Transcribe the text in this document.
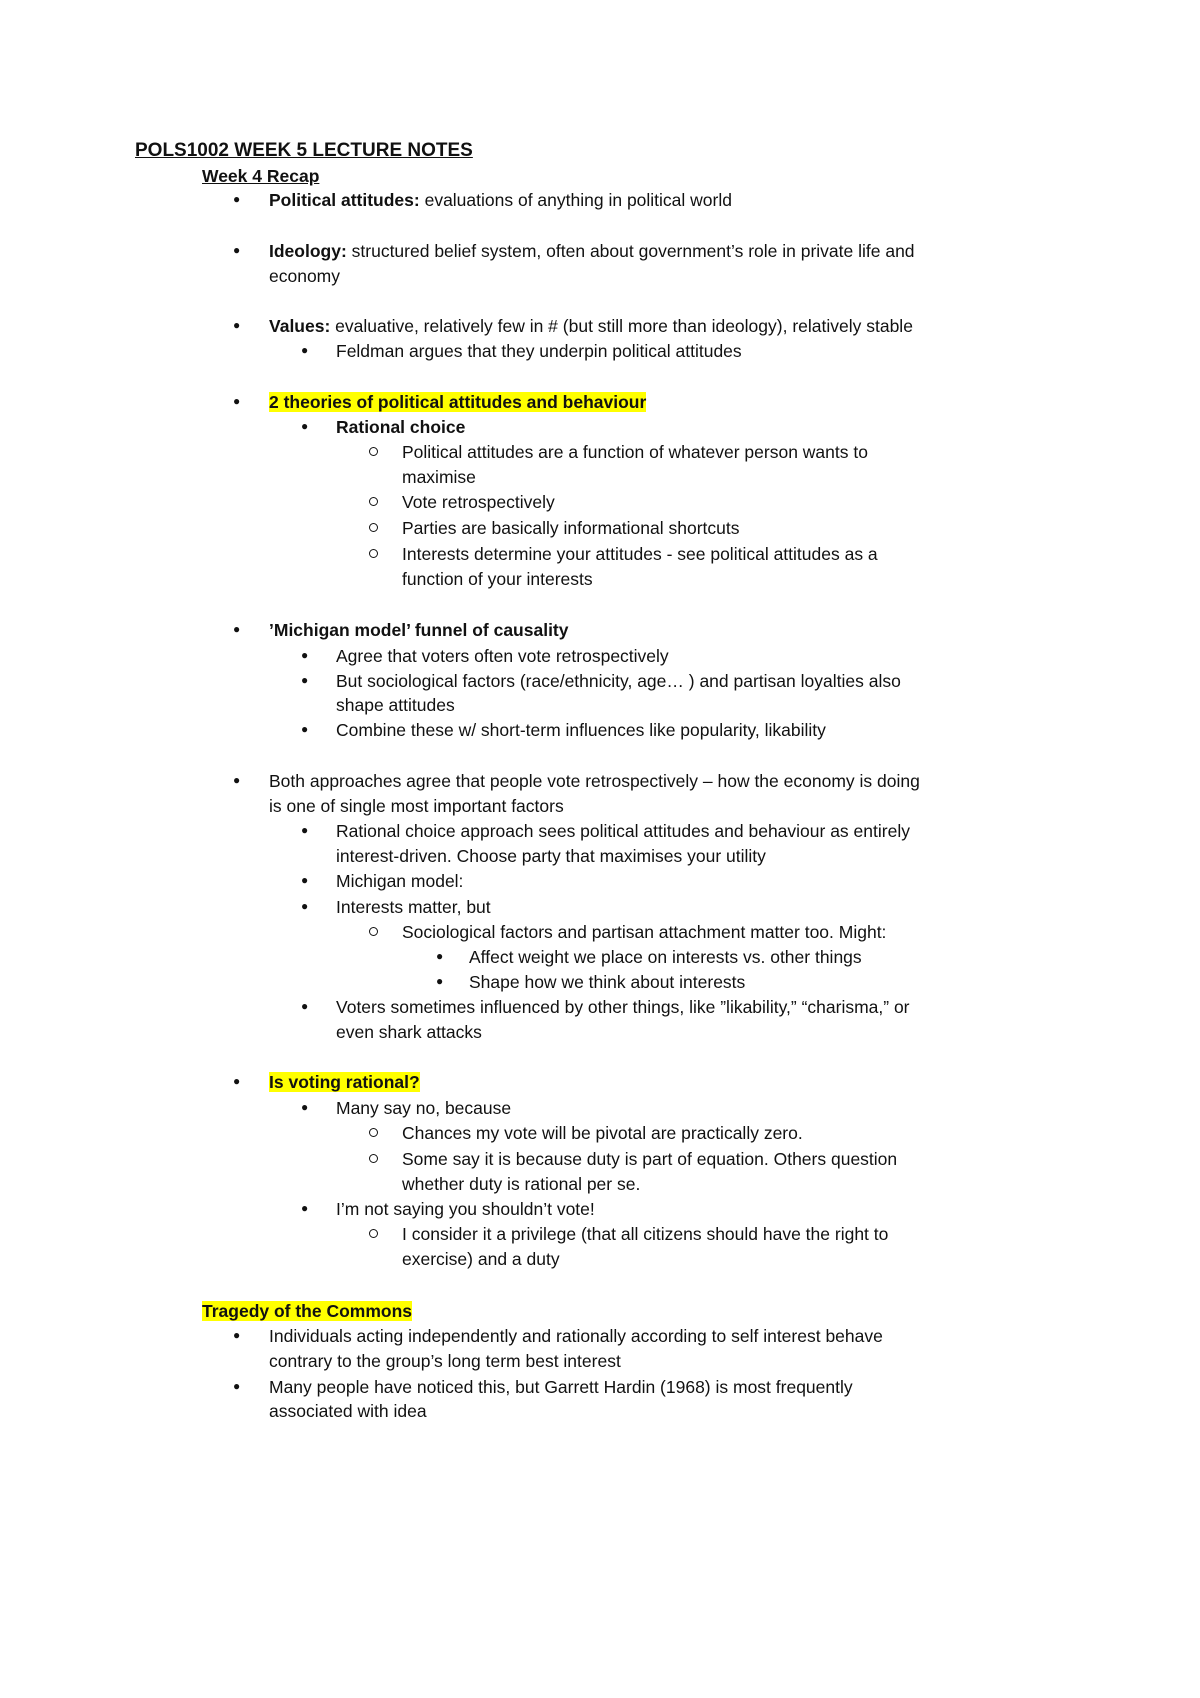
POLS1002 WEEK 5 LECTURE NOTES
Week 4 Recap
● Political attitudes: evaluations of anything in political world
● Ideology: structured belief system, often about government’s role in private life and
economy
● Values: evaluative, relatively few in # (but still more than ideology), relatively stable
● Feldman argues that they underpin political attitudes
● 2 theories of political attitudes and behaviour
● Rational choice
Political attitudes are a function of whatever person wants to
maximise
Vote retrospectively
Parties are basically informational shortcuts
Interests determine your attitudes - see political attitudes as a
function of your interests
● ’Michigan model’ funnel of causality
● Agree that voters often vote retrospectively
● But sociological factors (race/ethnicity, age… ) and partisan loyalties also
shape attitudes
● Combine these w/ short-term influences like popularity, likability
● Both approaches agree that people vote retrospectively – how the economy is doing
is one of single most important factors
● Rational choice approach sees political attitudes and behaviour as entirely
interest-driven. Choose party that maximises your utility
● Michigan model:
● Interests matter, but
Sociological factors and partisan attachment matter too. Might:
● Affect weight we place on interests vs. other things
● Shape how we think about interests
● Voters sometimes influenced by other things, like ”likability,” “charisma,” or
even shark attacks
● Is voting rational?
● Many say no, because
Chances my vote will be pivotal are practically zero.
Some say it is because duty is part of equation. Others question
whether duty is rational per se.
● I’m not saying you shouldn’t vote!
I consider it a privilege (that all citizens should have the right to
exercise) and a duty
Tragedy of the Commons
● Individuals acting independently and rationally according to self interest behave
contrary to the group’s long term best interest
● Many people have noticed this, but Garrett Hardin (1968) is most frequently
associated with idea
